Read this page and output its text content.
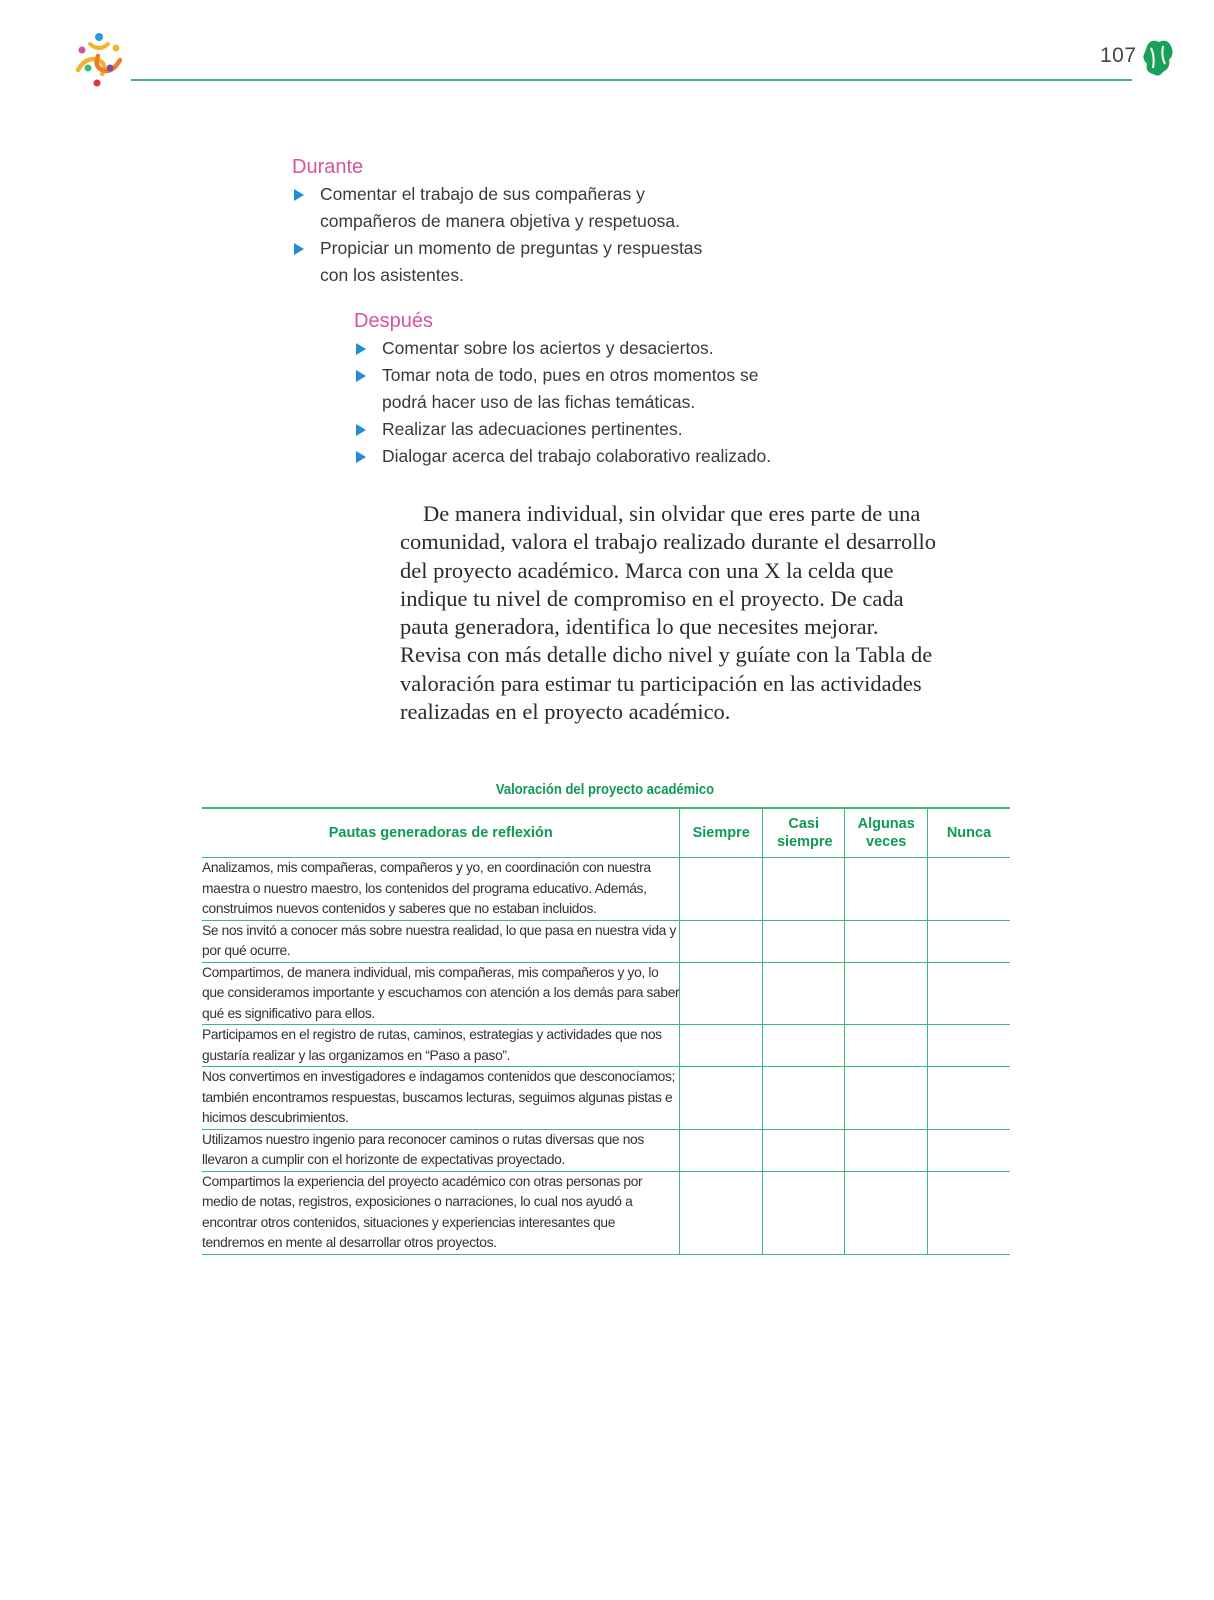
107
Durante
Comentar el trabajo de sus compañeras y compañeros de manera objetiva y respetuosa.
Propiciar un momento de preguntas y respuestas con los asistentes.
Después
Comentar sobre los aciertos y desaciertos.
Tomar nota de todo, pues en otros momentos se podrá hacer uso de las fichas temáticas.
Realizar las adecuaciones pertinentes.
Dialogar acerca del trabajo colaborativo realizado.

De manera individual, sin olvidar que eres parte de una comunidad, valora el trabajo realizado durante el desarrollo del proyecto académico. Marca con una X la celda que indique tu nivel de compromiso en el proyecto. De cada pauta generadora, identifica lo que necesites mejorar. Revisa con más detalle dicho nivel y guíate con la Tabla de valoración para estimar tu participación en las actividades realizadas en el proyecto académico.

Valoración del proyecto académico
Pautas generadoras de reflexión	Siempre	Casi siempre	Algunas veces	Nunca
Analizamos, mis compañeras, compañeros y yo, en coordinación con nuestra maestra o nuestro maestro, los contenidos del programa educativo. Además, construimos nuevos contenidos y saberes que no estaban incluidos.				
Se nos invitó a conocer más sobre nuestra realidad, lo que pasa en nuestra vida y por qué ocurre.				
Compartimos, de manera individual, mis compañeras, mis compañeros y yo, lo que consideramos importante y escuchamos con atención a los demás para saber qué es significativo para ellos.				
Participamos en el registro de rutas, caminos, estrategias y actividades que nos gustaría realizar y las organizamos en “Paso a paso”.				
Nos convertimos en investigadores e indagamos contenidos que desconocíamos; también encontramos respuestas, buscamos lecturas, seguimos algunas pistas e hicimos descubrimientos.				
Utilizamos nuestro ingenio para reconocer caminos o rutas diversas que nos llevaron a cumplir con el horizonte de expectativas proyectado.				
Compartimos la experiencia del proyecto académico con otras personas por medio de notas, registros, exposiciones o narraciones, lo cual nos ayudó a encontrar otros contenidos, situaciones y experiencias interesantes que tendremos en mente al desarrollar otros proyectos.				
